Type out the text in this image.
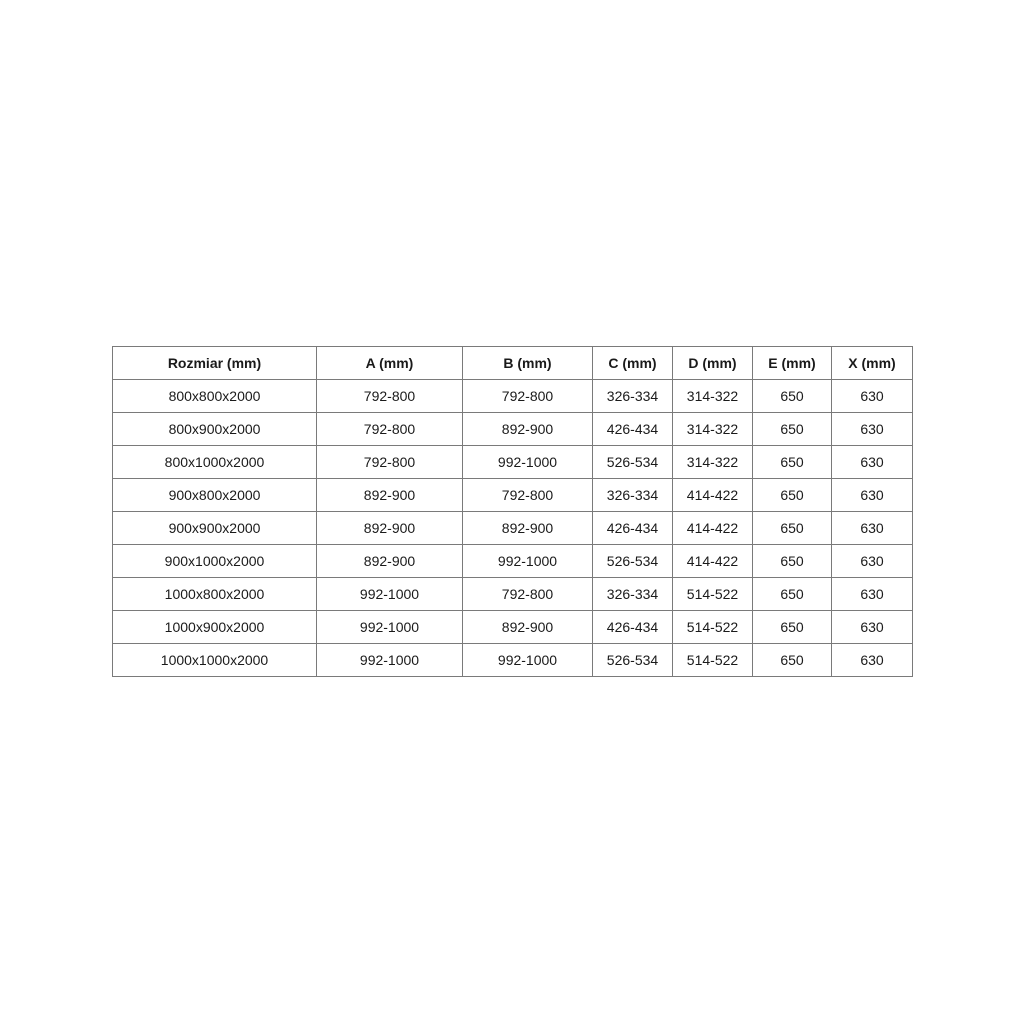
Rozmiar (mm)	A (mm)	B (mm)	C (mm)	D (mm)	E (mm)	X (mm)
800x800x2000	792-800	792-800	326-334	314-322	650	630
800x900x2000	792-800	892-900	426-434	314-322	650	630
800x1000x2000	792-800	992-1000	526-534	314-322	650	630
900x800x2000	892-900	792-800	326-334	414-422	650	630
900x900x2000	892-900	892-900	426-434	414-422	650	630
900x1000x2000	892-900	992-1000	526-534	414-422	650	630
1000x800x2000	992-1000	792-800	326-334	514-522	650	630
1000x900x2000	992-1000	892-900	426-434	514-522	650	630
1000x1000x2000	992-1000	992-1000	526-534	514-522	650	630
